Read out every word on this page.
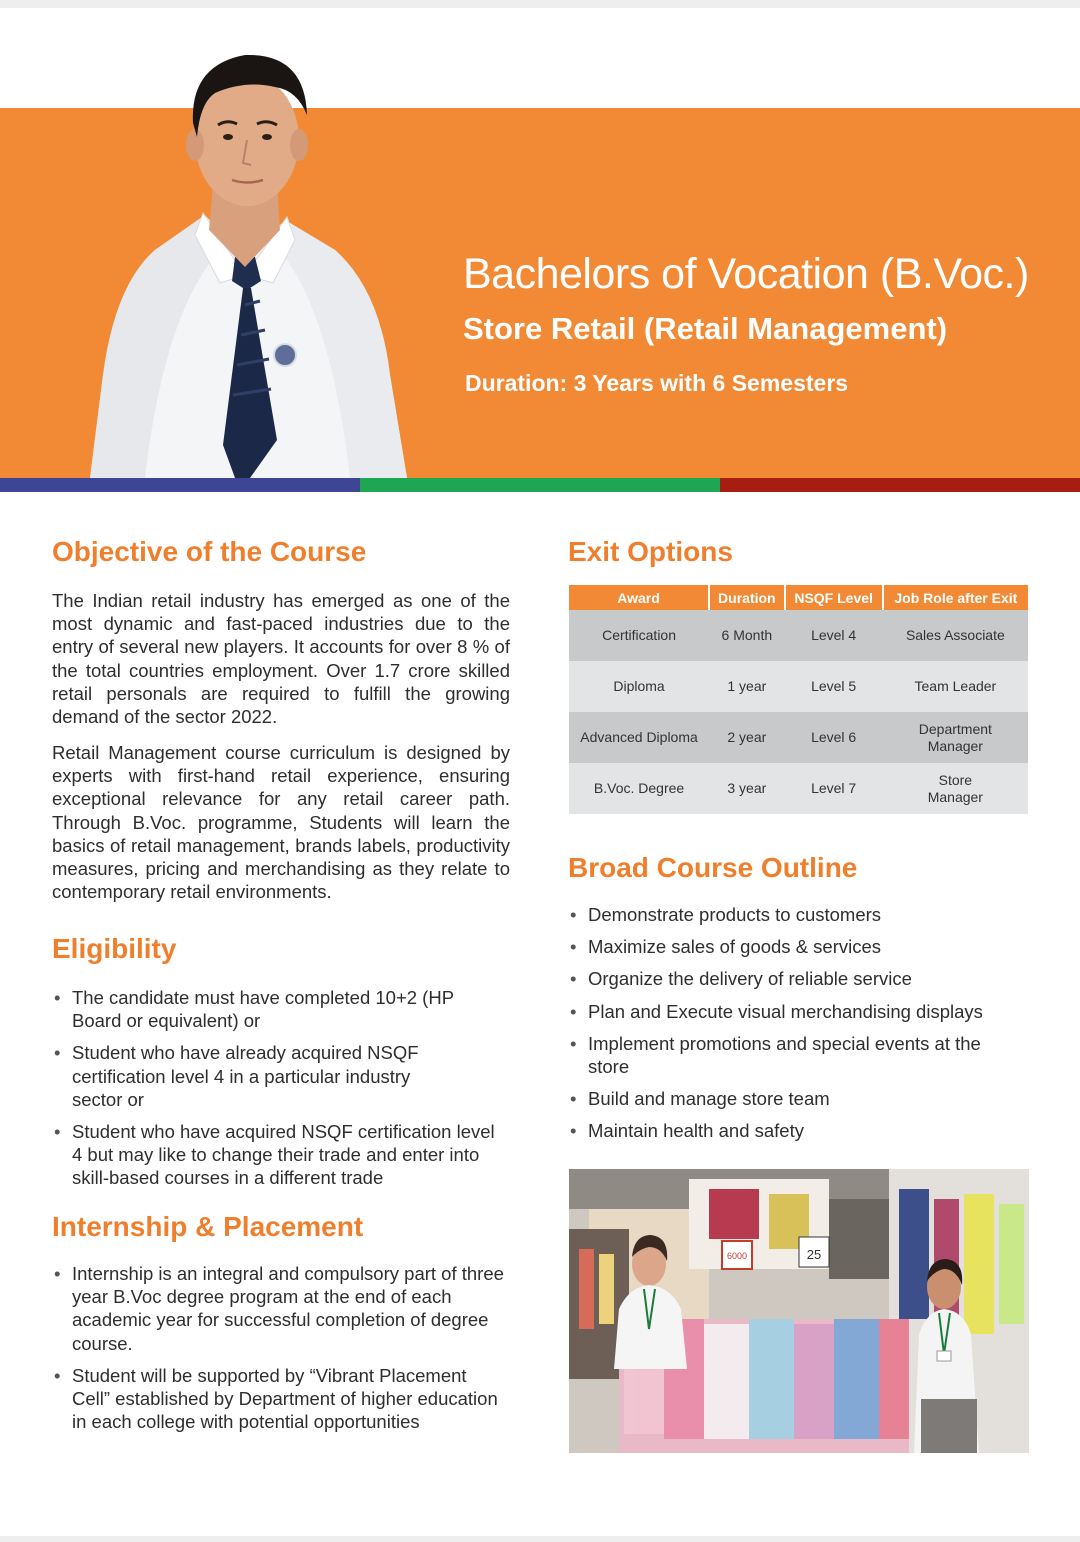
Bachelors of Vocation (B.Voc.)
Store Retail (Retail Management)
Duration: 3 Years with 6 Semesters
Objective of the Course

The Indian retail industry has emerged as one of the most dynamic and fast-paced industries due to the entry of several new players. It accounts for over 8 % of the total countries employment. Over 1.7 crore skilled retail personals are required to fulfill the growing demand of the sector 2022.

Retail Management course curriculum is designed by experts with first-hand retail experience, ensuring exceptional relevance for any retail career path. Through B.Voc. programme, Students will learn the basics of retail management, brands labels, productivity measures, pricing and merchandising as they relate to contemporary retail environments.

Eligibility
• The candidate must have completed 10+2 (HP Board or equivalent) or
• Student who have already acquired NSQF certification level 4 in a particular industry sector or
• Student who have acquired NSQF certification level 4 but may like to change their trade and enter into skill-based courses in a different trade
Internship & Placement
• Internship is an integral and compulsory part of three year B.Voc degree program at the end of each academic year for successful completion of degree course.
• Student will be supported by “Vibrant Placement Cell” established by Department of higher education in each college with potential opportunities
Exit Options
Award	Duration	NSQF Level	Job Role after Exit
Certification	6 Month	Level 4	Sales Associate
Diploma	1 year	Level 5	Team Leader
Advanced Diploma	2 year	Level 6	Department Manager
B.Voc. Degree	3 year	Level 7	Store Manager
Broad Course Outline
• Demonstrate products to customers
• Maximize sales of goods & services
• Organize the delivery of reliable service
• Plan and Execute visual merchandising displays
• Implement promotions and special events at the store
• Build and manage store team
• Maintain health and safety
6000	25
